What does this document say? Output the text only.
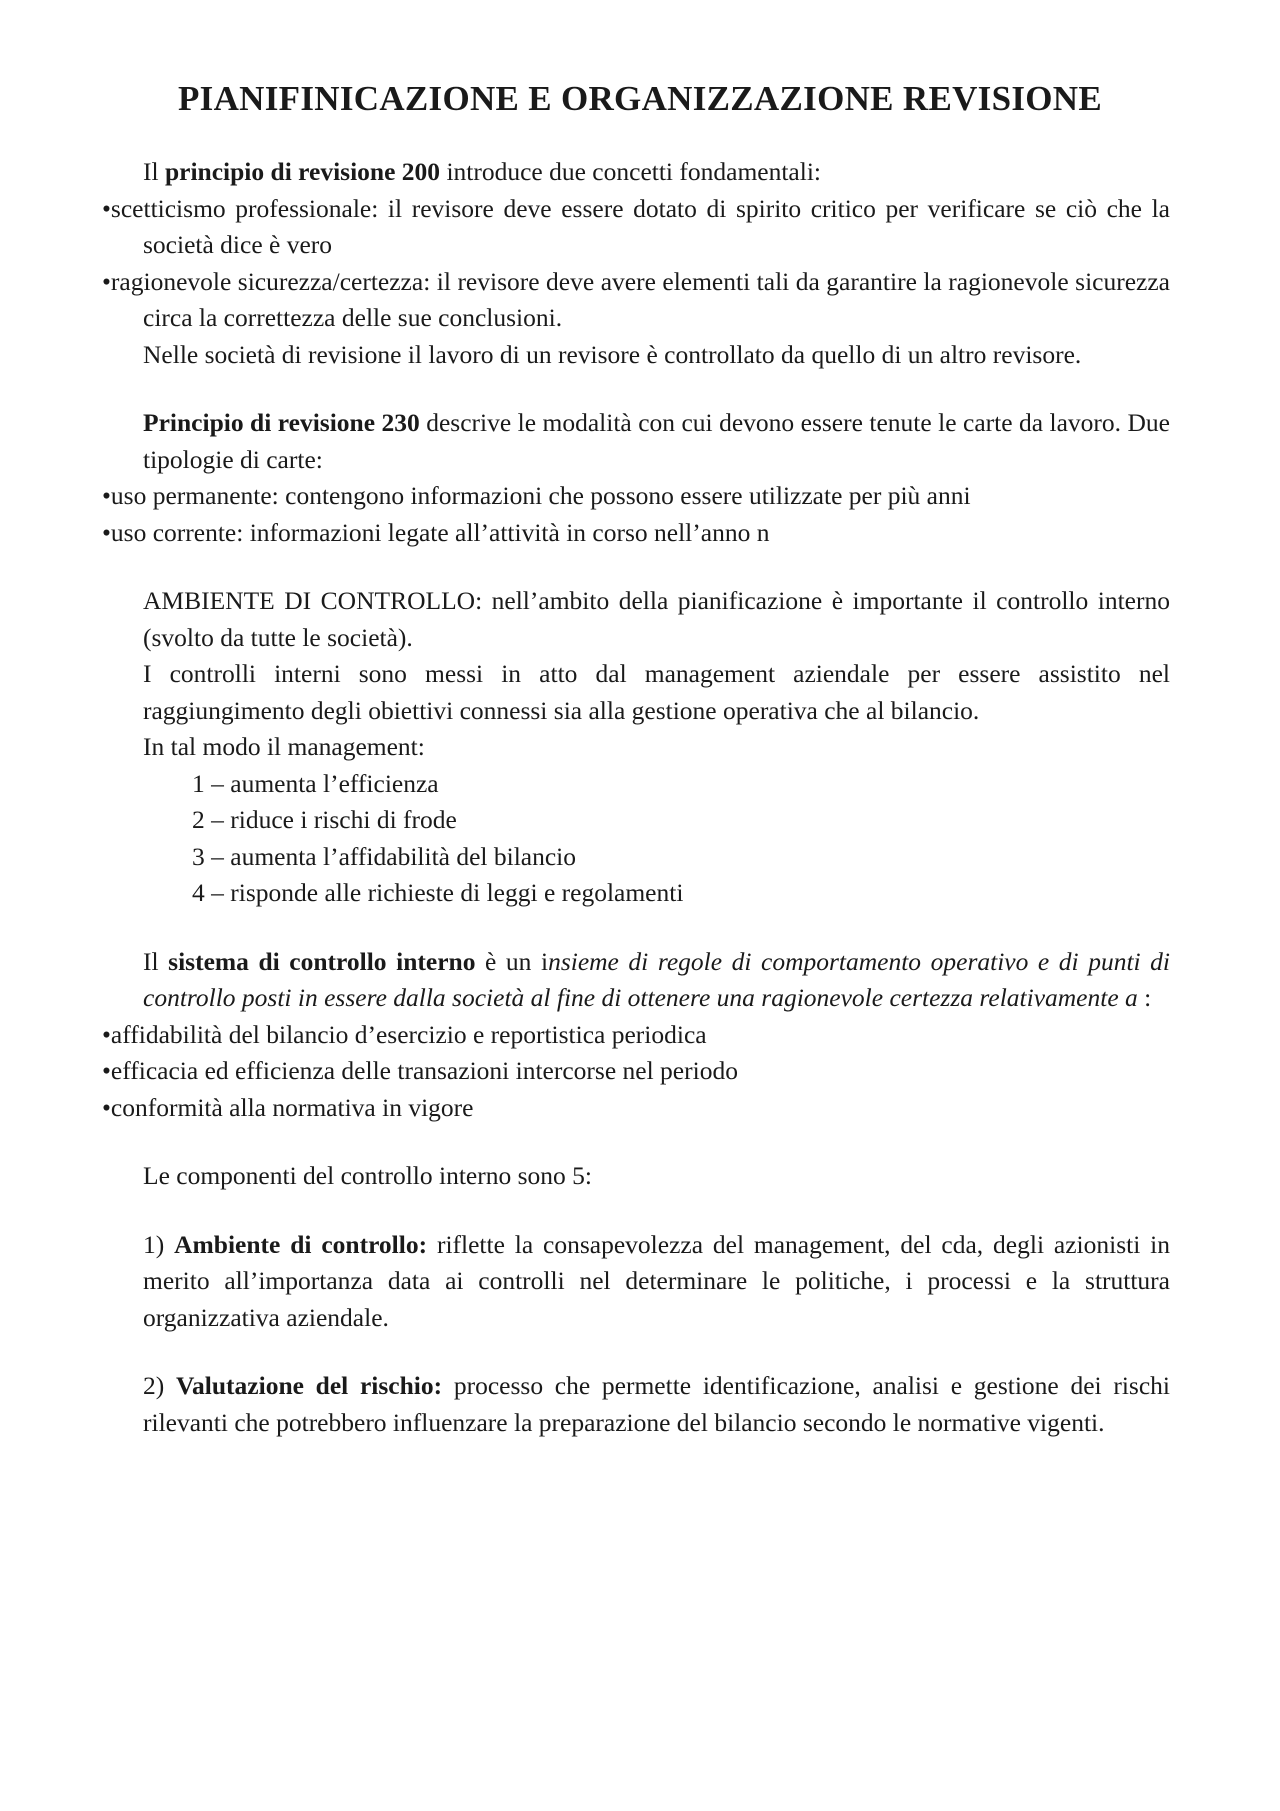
PIANIFINICAZIONE E ORGANIZZAZIONE REVISIONE

Il principio di revisione 200 introduce due concetti fondamentali:

•scetticismo professionale: il revisore deve essere dotato di spirito critico per verificare se ciò che la società dice è vero

•ragionevole sicurezza/certezza: il revisore deve avere elementi tali da garantire la ragionevole sicurezza circa la correttezza delle sue conclusioni.

Nelle società di revisione il lavoro di un revisore è controllato da quello di un altro revisore.

Principio di revisione 230 descrive le modalità con cui devono essere tenute le carte da lavoro. Due tipologie di carte:

•uso permanente: contengono informazioni che possono essere utilizzate per più anni

•uso corrente: informazioni legate all’attività in corso nell’anno n

AMBIENTE DI CONTROLLO: nell’ambito della pianificazione è importante il controllo interno (svolto da tutte le società).

I controlli interni sono messi in atto dal management aziendale per essere assistito nel raggiungimento degli obiettivi connessi sia alla gestione operativa che al bilancio.

In tal modo il management:

1 – aumenta l’efficienza

2 – riduce i rischi di frode

3 – aumenta l’affidabilità del bilancio

4 – risponde alle richieste di leggi e regolamenti

Il sistema di controllo interno è un insieme di regole di comportamento operativo e di punti di controllo posti in essere dalla società al fine di ottenere una ragionevole certezza relativamente a :

•affidabilità del bilancio d’esercizio e reportistica periodica

•efficacia ed efficienza delle transazioni intercorse nel periodo

•conformità alla normativa in vigore

Le componenti del controllo interno sono 5:

1) Ambiente di controllo: riflette la consapevolezza del management, del cda, degli azionisti in merito all’importanza data ai controlli nel determinare le politiche, i processi e la struttura organizzativa aziendale.

2) Valutazione del rischio: processo che permette identificazione, analisi e gestione dei rischi rilevanti che potrebbero influenzare la preparazione del bilancio secondo le normative vigenti.
